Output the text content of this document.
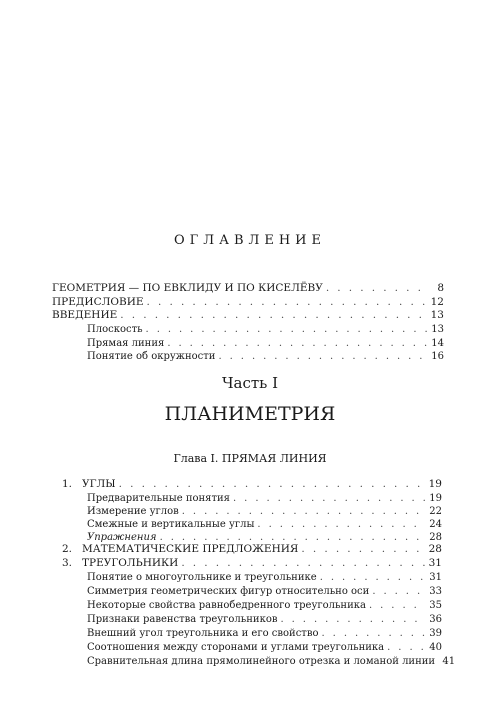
ОГЛАВЛЕНИЕ
ГЕОМЕТРИЯ — ПО ЕВКЛИДУ И ПО КИСЕЛЁВУ . . .	8
ПРЕДИСЛОВИЕ . . .	12
ВВЕДЕНИЕ . . .	13
Плоскость . . .	13
Прямая линия . . .	14
Понятие об окружности . . .	16
Часть I
ПЛАНИМЕТРИЯ
Глава I. ПРЯМАЯ ЛИНИЯ
1. УГЛЫ . . .	19
Предварительные понятия . . .	19
Измерение углов . . .	22
Смежные и вертикальные углы . . .	24
Упражнения . . .	28
2. МАТЕМАТИЧЕСКИЕ ПРЕДЛОЖЕНИЯ . . .	28
3. ТРЕУГОЛЬНИКИ . . .	31
Понятие о многоугольнике и треугольнике . . .	31
Симметрия геометрических фигур относительно оси . . .	33
Некоторые свойства равнобедренного треугольника . . .	35
Признаки равенства треугольников . . .	36
Внешний угол треугольника и его свойство . . .	39
Соотношения между сторонами и углами треугольника . . .	40
Сравнительная длина прямолинейного отрезка и ломаной линии 41
